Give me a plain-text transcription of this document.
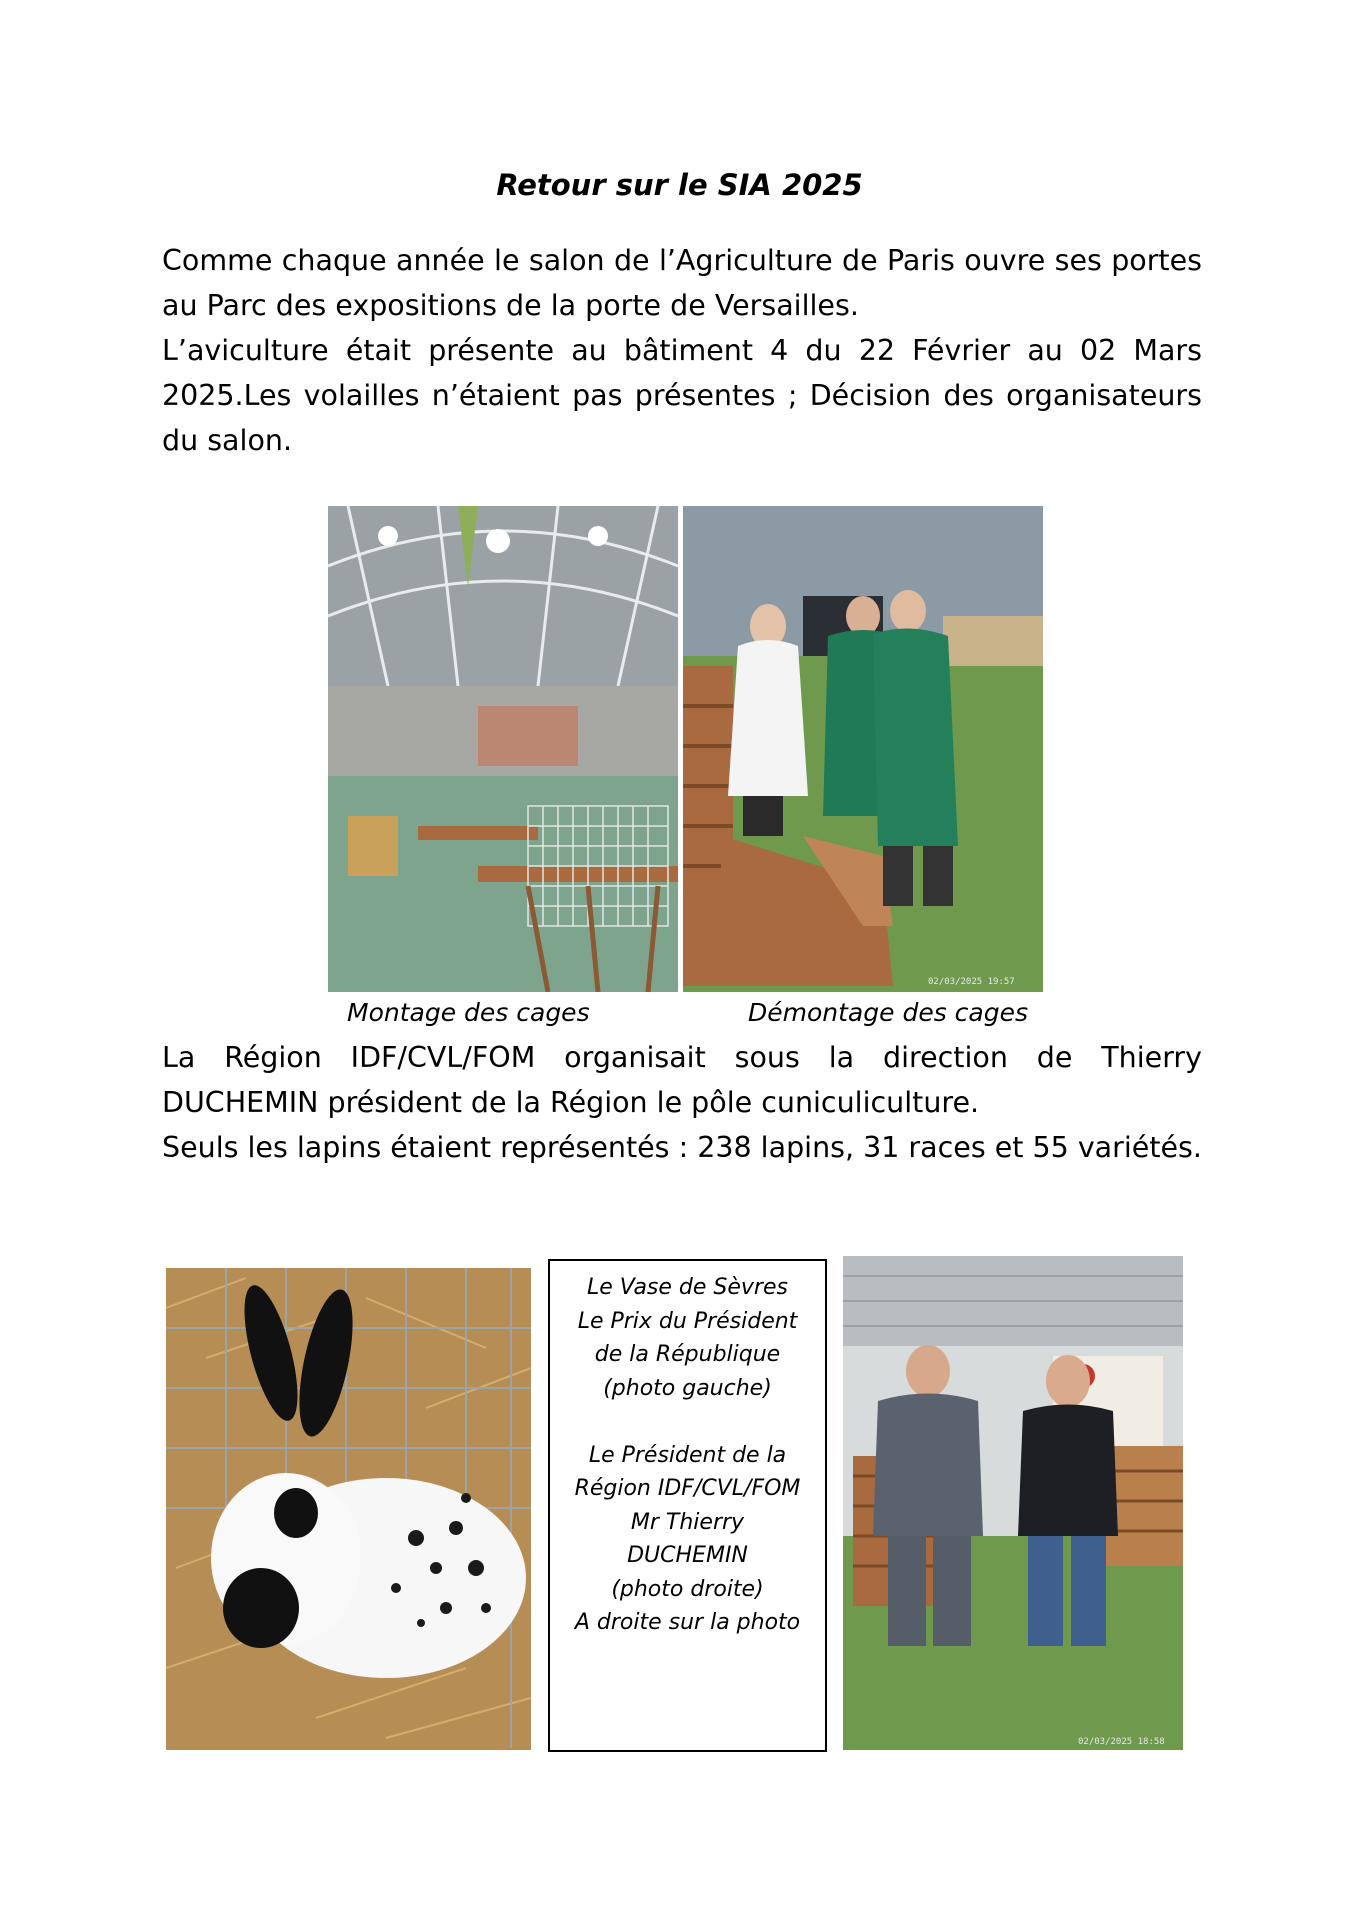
Retour sur le SIA 2025

Comme chaque année le salon de l’Agriculture de Paris ouvre ses portes au Parc des expositions de la porte de Versailles.

L’aviculture était présente au bâtiment 4 du 22 Février au 02 Mars 2025.Les volailles n’étaient pas présentes ; Décision des organisateurs du salon.

02/03/2025 19:57
Montage des cages	Démontage des cages

La Région IDF/CVL/FOM organisait sous la direction de Thierry DUCHEMIN président de la Région le pôle cuniculiculture.

Seuls les lapins étaient représentés : 238 lapins, 31 races et 55 variétés.

Le Vase de Sèvres
Le Prix du Président
de la République
(photo gauche)
Le Président de la
Région IDF/CVL/FOM
Mr Thierry
DUCHEMIN
(photo droite)
A droite sur la photo
02/03/2025 18:58
